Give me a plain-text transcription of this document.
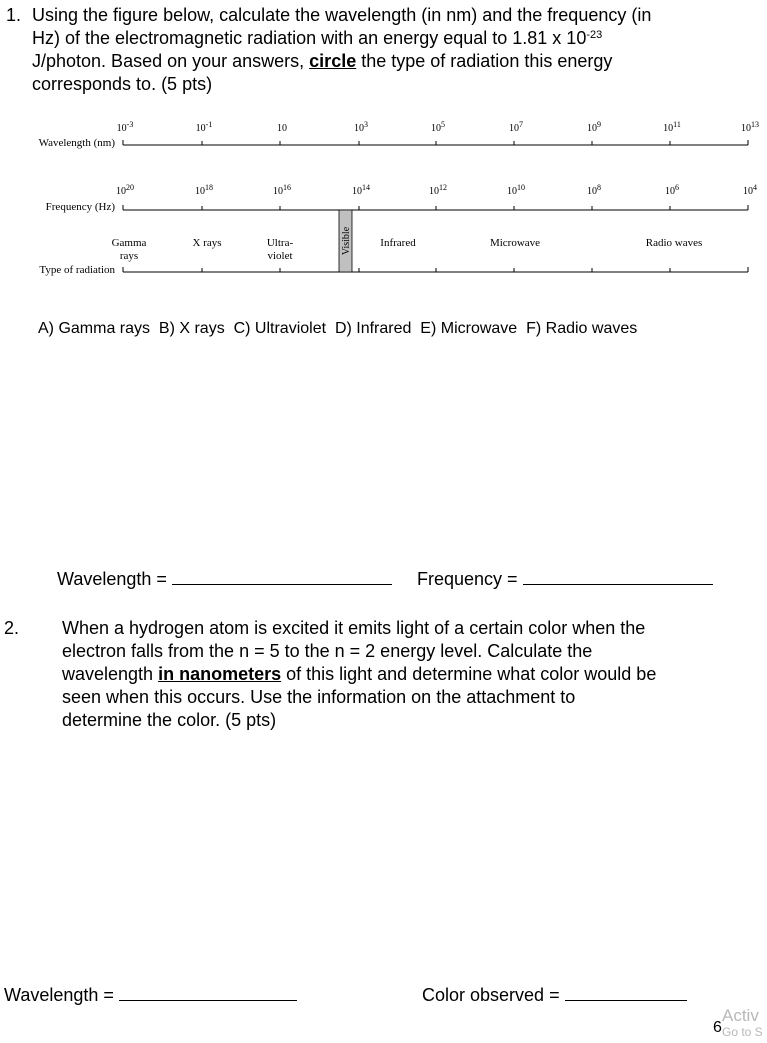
1. Using the figure below, calculate the wavelength (in nm) and the frequency (in
Hz) of the electromagnetic radiation with an energy equal to 1.81 x $10^{-23}$
J/photon. Based on your answers, circle the type of radiation this energy
corresponds to. (5 pts)
Wavelength (nm)
Frequency (Hz)
Type of radiation
$10^{-3}$	$10^{-1}$	10	$10^3$	$10^5$	$10^7$	$10^9$	$10^{11}$	$10^{13}$
$10^{20}$	$10^{18}$	$10^{16}$	$10^{14}$	$10^{12}$	$10^{10}$	$10^8$	$10^6$	$10^4$
Visible
Gamma rays
X rays	Ultra-violet
Infrared	Microwave	Radio waves
A) Gamma rays  B) X rays  C) Ultraviolet  D) Infrared  E) Microwave  F) Radio waves
Wavelength =	Frequency =
2. When a hydrogen atom is excited it emits light of a certain color when the
electron falls from the n = 5 to the n = 2 energy level. Calculate the
wavelength in nanometers of this light and determine what color would be
seen when this occurs. Use the information on the attachment to
determine the color. (5 pts)
Wavelength =	Color observed =
6
Activ
Go to S
